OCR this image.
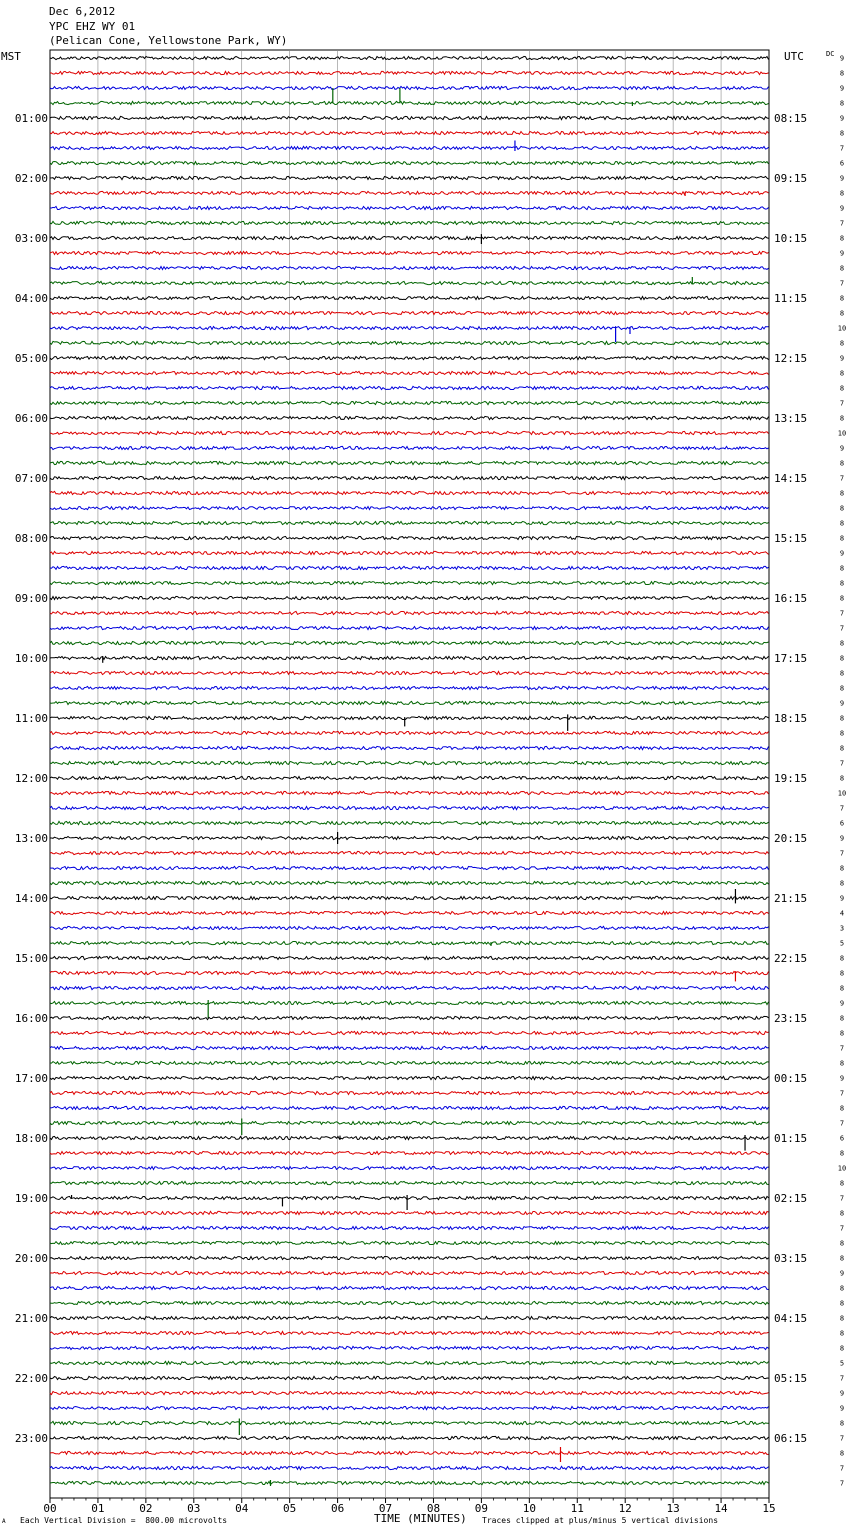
Dec 6,2012
YPC EHZ WY 01
(Pelican Cone, Yellowstone Park, WY)
MST	UTC	DC
00	01	02	03	04	05	06	07	08	09	10	11	12	13	14	15
9
8
9
8
9
8
7
6
9
8
9
7
8
9
8
7
8
8
10
8
9
8
8
7
8
10
9
8
7
8
8
8
8
9
8
8
8
7
7
8
8
8
8
9
8
8
8
7
8
10
7
6
9
7
8
8
9
4
3
5
8
8
8
9
8
8
7
8
9
7
8
7
6
8
10
8
7
8
7
8
8
9
8
8
8
8
8
5
7
9
9
8
7
8
7
7
01:00
02:00
03:00
04:00
05:00
06:00
07:00
08:00
09:00
10:00
11:00
12:00
13:00
14:00
15:00
16:00
17:00
18:00
19:00
20:00
21:00
22:00
23:00
08:15
09:15
10:15
11:15
12:15
13:15
14:15
15:15
16:15
17:15
18:15
19:15
20:15
21:15
22:15
23:15
00:15
01:15
02:15
03:15
04:15
05:15
06:15
A Each Vertical Division =  800.00 microvolts	TIME (MINUTES) Traces clipped at plus/minus 5 vertical divisions
